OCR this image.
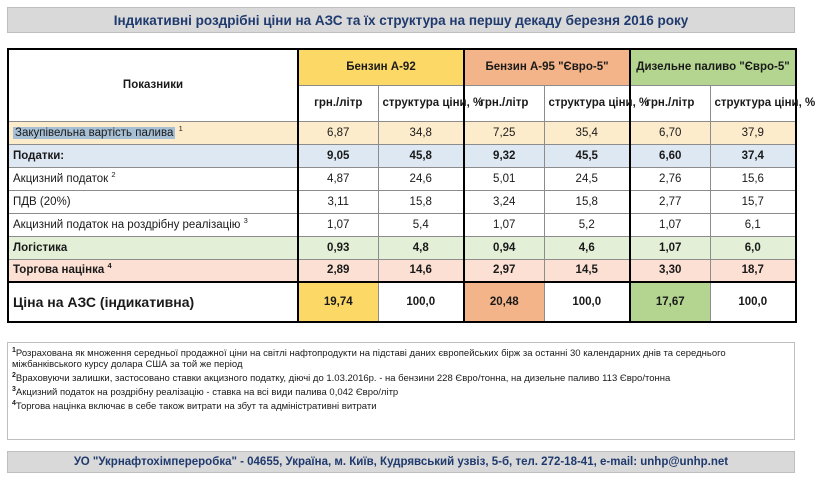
Індикативні роздрібні ціни на АЗС та їх структура на першу декаду березня 2016 року
Показники	Бензин А-92		Бензин А-95 "Євро-5"		Дизельне паливо "Євро-5"	
	грн./літр	структура ціни, %	грн./літр	структура ціни, %	грн./літр	структура ціни, %
Закупівельна вартість палива $^1$	6,87	34,8	7,25	35,4	6,70	37,9
Податки:	9,05	45,8	9,32	45,5	6,60	37,4
Акцизний податок $^2$	4,87	24,6	5,01	24,5	2,76	15,6
ПДВ (20%)	3,11	15,8	3,24	15,8	2,77	15,7
Акцизний податок на роздрібну реалізацію $^3$	1,07	5,4	1,07	5,2	1,07	6,1
Логістика	0,93	4,8	0,94	4,6	1,07	6,0
Торгова націнка $^4$	2,89	14,6	2,97	14,5	3,30	18,7
Ціна на АЗС (індикативна)	19,74	100,0	20,48	100,0	17,67	100,0
$^1$Розрахована як множення середньої продажної ціни на світлі нафтопродукти на підставі даних європейських бірж за останні 30 календарних днів та середнього
міжбанківського курсу долара США за той же період
$^2$Враховуючи залишки, застосовано ставки акцизного податку, діючі до 1.03.2016р. - на бензини 228 Євро/тонна, на дизельне паливо 113 Євро/тонна
$^3$Акцизний податок на роздрібну реалізацію - ставка на всі види палива 0,042 Євро/літр
$^4$Торгова націнка включає в себе також витрати на збут та адміністративні витрати
УО "Укрнафтохімпереробка" - 04655, Україна, м. Київ, Кудрявський узвіз, 5-б, тел. 272-18-41, e-mail: unhp@unhp.net
